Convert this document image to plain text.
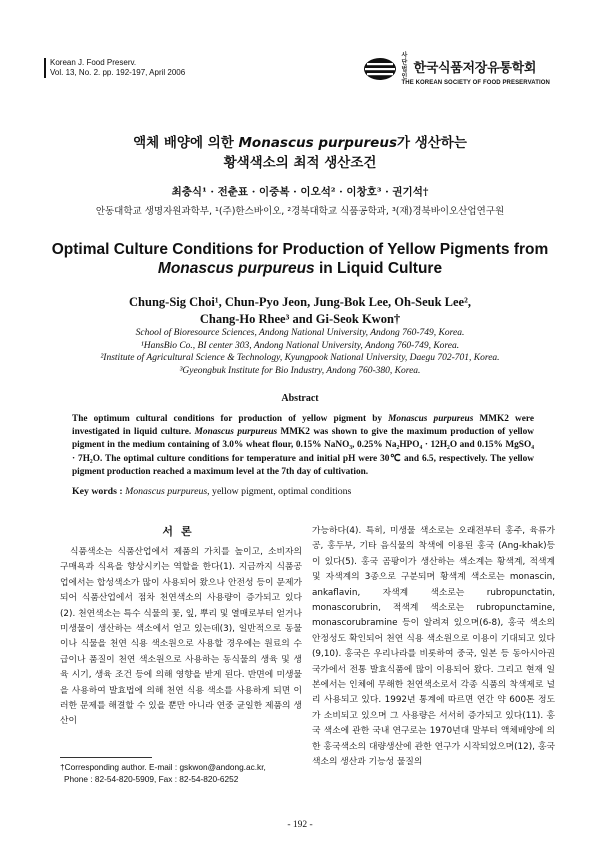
Korean J. Food Preserv.
Vol. 13, No. 2. pp. 192-197, April 2006
사단법인
한국식품저장유통학회
THE KOREAN SOCIETY OF FOOD PRESERVATION
액체 배양에 의한 Monascus purpureus가 생산하는
황색색소의 최적 생산조건
최충식¹ · 전춘표 · 이중복 · 이오석² · 이창호³ · 권기석†
안동대학교 생명자원과학부, ¹(주)한스바이오, ²경북대학교 식품공학과, ³(재)경북바이오산업연구원
Optimal Culture Conditions for Production of Yellow Pigments from
Monascus purpureus in Liquid Culture
Chung-Sig Choi¹, Chun-Pyo Jeon, Jung-Bok Lee, Oh-Seuk Lee²,
Chang-Ho Rhee³ and Gi-Seok Kwon†
School of Bioresource Sciences, Andong National University, Andong 760-749, Korea.
¹HansBio Co., BI center 303, Andong National University, Andong 760-749, Korea.
²Institute of Agricultural Science & Technology, Kyungpook National University, Daegu 702-701, Korea.
³Gyeongbuk Institute for Bio Industry, Andong 760-380, Korea.
Abstract
The optimum cultural conditions for production of yellow pigment by Monascus purpureus MMK2 were investigated in liquid culture. Monascus purpureus MMK2 was shown to give the maximum production of yellow pigment in the medium containing of 3.0% wheat flour, 0.15% NaNO₃, 0.25% Na₂HPO₄ · 12H₂O and 0.15% MgSO₄ · 7H₂O. The optimal culture conditions for temperature and initial pH were 30℃ and 6.5, respectively. The yellow pigment production reached a maximum level at the 7th day of cultivation.
Key words : Monascus purpureus, yellow pigment, optimal conditions
서론

식품색소는 식품산업에서 제품의 가치를 높이고, 소비자의 구매욕과 식욕을 향상시키는 역할을 한다(1). 지금까지 식품공업에서는 합성색소가 많이 사용되어 왔으나 안전성 등이 문제가 되어 식품산업에서 점차 천연색소의 사용량이 증가되고 있다(2). 천연색소는 특수 식물의 꽃, 잎, 뿌리 및 열매로부터 얻거나 미생물이 생산하는 색소에서 얻고 있는데(3), 일반적으로 동물이나 식물을 천연 식용 색소원으로 사용할 경우에는 원료의 수급이나 품질이 천연 색소원으로 사용하는 동식물의 생육 및 생육 시기, 생육 조건 등에 의해 영향을 받게 된다. 반면에 미생물을 사용하여 발효법에 의해 천연 식용 색소를 사용하게 되면 이러한 문제를 해결할 수 있을 뿐만 아니라 연중 균일한 제품의 생산이

가능하다(4). 특히, 미생물 색소로는 오래전부터 홍주, 육류가공, 홍두부, 기타 음식물의 착색에 이용된 홍국 (Ang-khak)등이 있다(5). 홍국 곰팡이가 생산하는 색소계는 황색계, 적색계 및 자색계의 3종으로 구분되며 황색계 색소로는 monascin, ankaflavin, 자색계 색소로는 rubropunctatin, monascorubrin, 적색계 색소로는 rubropunctamine, monascorubramine 등이 알려져 있으며(6-8), 홍국 색소의 안정성도 확인되어 천연 식용 색소원으로 이용이 기대되고 있다(9,10). 홍국은 우리나라를 비롯하여 중국, 일본 등 동아시아권 국가에서 전통 발효식품에 많이 이용되어 왔다. 그리고 현재 일본에서는 인체에 무해한 천연색소로서 각종 식품의 착색제로 널리 사용되고 있다. 1992년 통계에 따르면 연간 약 600톤 정도가 소비되고 있으며 그 사용량은 서서히 증가되고 있다(11). 홍국 색소에 관한 국내 연구로는 1970년대 말부터 액체배양에 의한 홍국색소의 대량생산에 관한 연구가 시작되었으며(12), 홍국 색소의 생산과 기능성 물질의

†Corresponding author. E-mail : gskwon@andong.ac.kr,
Phone : 82-54-820-5909, Fax : 82-54-820-6252
- 192 -
